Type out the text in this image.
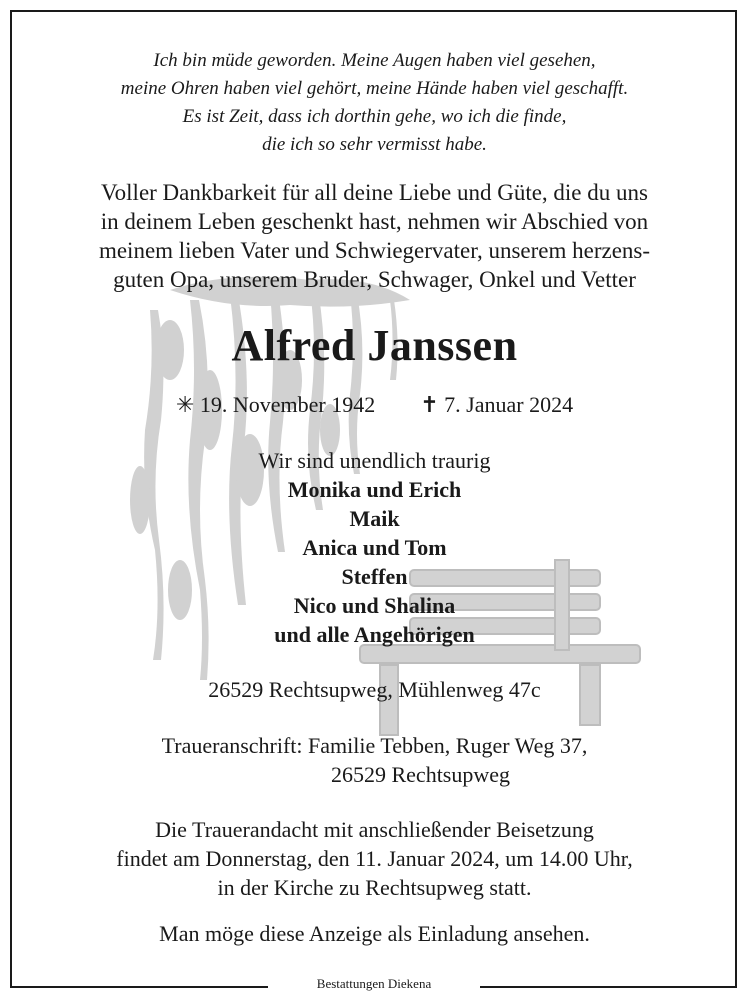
Ich bin müde geworden. Meine Augen haben viel gesehen,
meine Ohren haben viel gehört, meine Hände haben viel geschafft.
Es ist Zeit, dass ich dorthin gehe, wo ich die finde,
die ich so sehr vermisst habe.
Voller Dankbarkeit für all deine Liebe und Güte, die du uns
in deinem Leben geschenkt hast, nehmen wir Abschied von
meinem lieben Vater und Schwiegervater, unserem herzens-
guten Opa, unserem Bruder, Schwager, Onkel und Vetter
Alfred Janssen
✳ 19. November 1942 ✝ 7. Januar 2024
Wir sind unendlich traurig
Monika und Erich
Maik
Anica und Tom
Steffen
Nico und Shalina
und alle Angehörigen
26529 Rechtsupweg, Mühlenweg 47c
Traueranschrift: Familie Tebben, Ruger Weg 37,
26529 Rechtsupweg
Die Trauerandacht mit anschließender Beisetzung
findet am Donnerstag, den 11. Januar 2024, um 14.00 Uhr,
in der Kirche zu Rechtsupweg statt.
Man möge diese Anzeige als Einladung ansehen.
Bestattungen Diekena
